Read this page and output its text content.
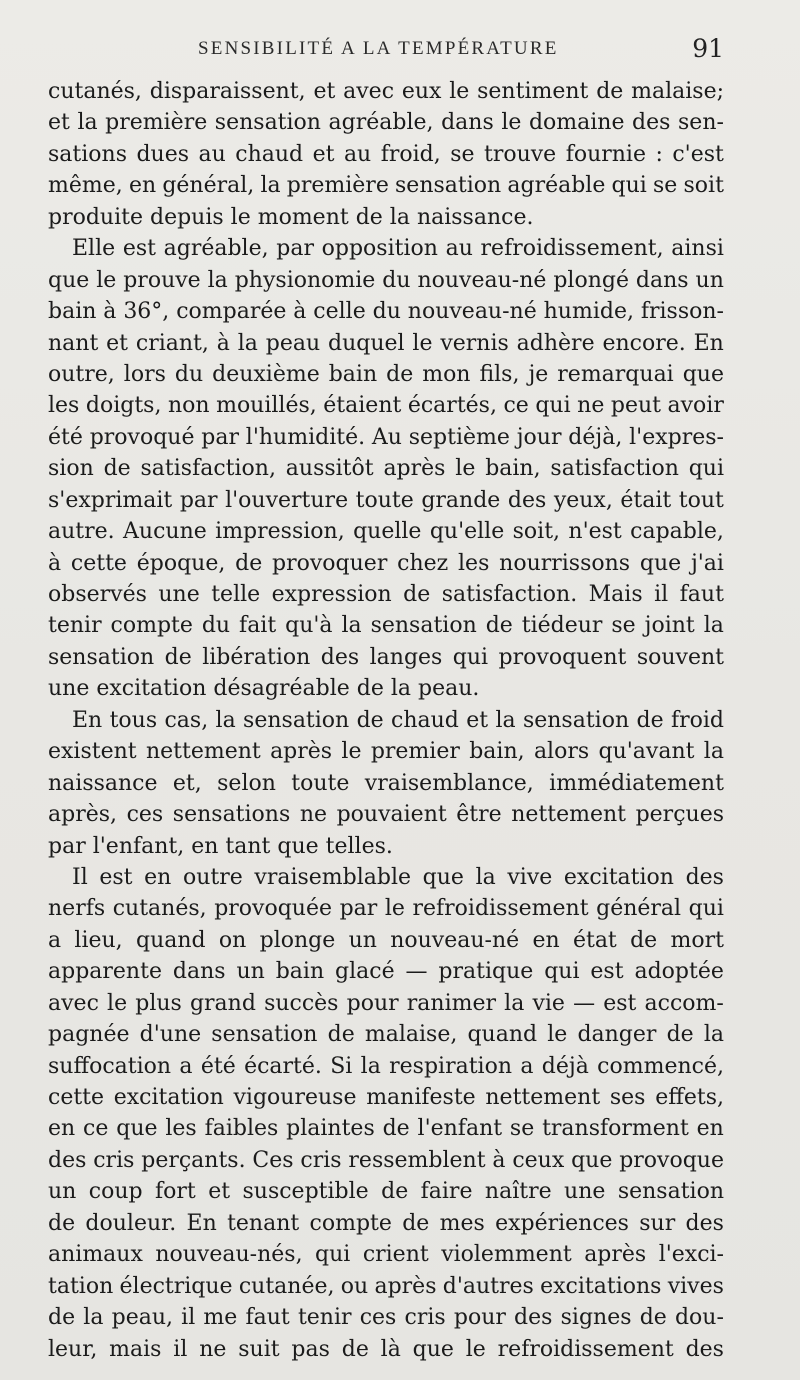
SENSIBILITÉ A LA TEMPÉRATURE	91
cutanés, disparaissent, et avec eux le sentiment de malaise;
et la première sensation agréable, dans le domaine des sen-
sations dues au chaud et au froid, se trouve fournie : c'est
même, en général, la première sensation agréable qui se soit
produite depuis le moment de la naissance.
Elle est agréable, par opposition au refroidissement, ainsi
que le prouve la physionomie du nouveau-né plongé dans un
bain à 36°, comparée à celle du nouveau-né humide, frisson-
nant et criant, à la peau duquel le vernis adhère encore. En
outre, lors du deuxième bain de mon fils, je remarquai que
les doigts, non mouillés, étaient écartés, ce qui ne peut avoir
été provoqué par l'humidité. Au septième jour déjà, l'expres-
sion de satisfaction, aussitôt après le bain, satisfaction qui
s'exprimait par l'ouverture toute grande des yeux, était tout
autre. Aucune impression, quelle qu'elle soit, n'est capable,
à cette époque, de provoquer chez les nourrissons que j'ai
observés une telle expression de satisfaction. Mais il faut
tenir compte du fait qu'à la sensation de tiédeur se joint la
sensation de libération des langes qui provoquent souvent
une excitation désagréable de la peau.
En tous cas, la sensation de chaud et la sensation de froid
existent nettement après le premier bain, alors qu'avant la
naissance et, selon toute vraisemblance, immédiatement
après, ces sensations ne pouvaient être nettement perçues
par l'enfant, en tant que telles.
Il est en outre vraisemblable que la vive excitation des
nerfs cutanés, provoquée par le refroidissement général qui
a lieu, quand on plonge un nouveau-né en état de mort
apparente dans un bain glacé — pratique qui est adoptée
avec le plus grand succès pour ranimer la vie — est accom-
pagnée d'une sensation de malaise, quand le danger de la
suffocation a été écarté. Si la respiration a déjà commencé,
cette excitation vigoureuse manifeste nettement ses effets,
en ce que les faibles plaintes de l'enfant se transforment en
des cris perçants. Ces cris ressemblent à ceux que provoque
un coup fort et susceptible de faire naître une sensation
de douleur. En tenant compte de mes expériences sur des
animaux nouveau-nés, qui crient violemment après l'exci-
tation électrique cutanée, ou après d'autres excitations vives
de la peau, il me faut tenir ces cris pour des signes de dou-
leur, mais il ne suit pas de là que le refroidissement des
